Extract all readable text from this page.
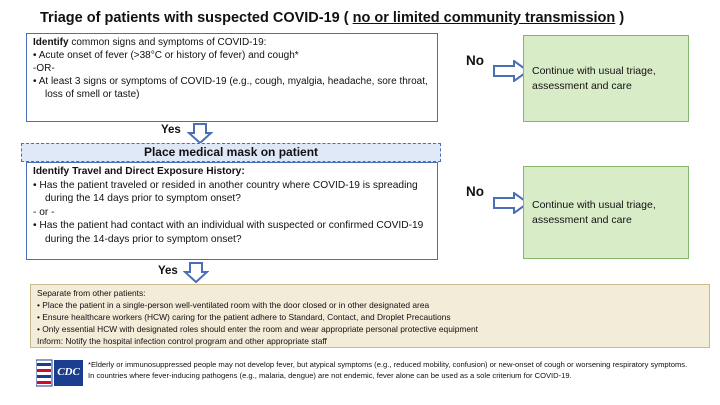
Triage of patients with suspected COVID-19 ( no or limited community transmission )
Identify common signs and symptoms of COVID-19:
• Acute onset of fever (>38°C or history of fever) and cough*
-OR-
• At least 3 signs or symptoms of COVID-19 (e.g., cough, myalgia, headache, sore throat, loss of smell or taste)
No
Continue with usual triage, assessment and care
Yes
Place medical mask on patient
Identify Travel and Direct Exposure History:
• Has the patient traveled or resided in another country where COVID-19 is spreading during the 14 days prior to symptom onset?
- or -
• Has the patient had contact with an individual with suspected or confirmed COVID-19 during the 14-days prior to symptom onset?
No
Continue with usual triage, assessment and care
Yes
Separate from other patients:
• Place the patient in a single-person well-ventilated room with the door closed or in other designated area
• Ensure healthcare workers (HCW) caring for the patient adhere to Standard, Contact, and Droplet Precautions
• Only essential HCW with designated roles should enter the room and wear appropriate personal protective equipment
Inform: Notify the hospital infection control program and other appropriate staff
CDC
*Elderly or immunosuppressed people may not develop fever, but atypical symptoms (e.g., reduced mobility, confusion) or new-onset of cough or worsening respiratory symptoms. In countries where fever-inducing pathogens (e.g., malaria, dengue) are not endemic, fever alone can be used as a sole criterium for COVID-19.
